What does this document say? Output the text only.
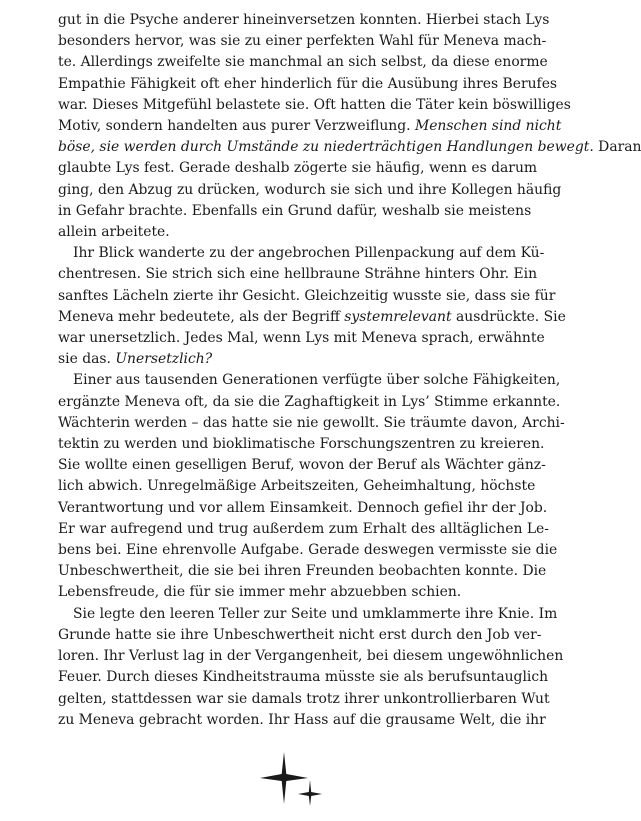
gut in die Psyche anderer hineinversetzen konnten. Hierbei stach Lys
besonders hervor, was sie zu einer perfekten Wahl für Meneva mach-
te. Allerdings zweifelte sie manchmal an sich selbst, da diese enorme
Empathie Fähigkeit oft eher hinderlich für die Ausübung ihres Berufes
war. Dieses Mitgefühl belastete sie. Oft hatten die Täter kein böswilliges
Motiv, sondern handelten aus purer Verzweiflung. Menschen sind nicht
böse, sie werden durch Umstände zu niederträchtigen Handlungen bewegt. Daran
glaubte Lys fest. Gerade deshalb zögerte sie häufig, wenn es darum
ging, den Abzug zu drücken, wodurch sie sich und ihre Kollegen häufig
in Gefahr brachte. Ebenfalls ein Grund dafür, weshalb sie meistens
allein arbeitete.
Ihr Blick wanderte zu der angebrochen Pillenpackung auf dem Kü-
chentresen. Sie strich sich eine hellbraune Strähne hinters Ohr. Ein
sanftes Lächeln zierte ihr Gesicht. Gleichzeitig wusste sie, dass sie für
Meneva mehr bedeutete, als der Begriff systemrelevant ausdrückte. Sie
war unersetzlich. Jedes Mal, wenn Lys mit Meneva sprach, erwähnte
sie das. Unersetzlich?
Einer aus tausenden Generationen verfügte über solche Fähigkeiten,
ergänzte Meneva oft, da sie die Zaghaftigkeit in Lys’ Stimme erkannte.
Wächterin werden – das hatte sie nie gewollt. Sie träumte davon, Archi-
tektin zu werden und bioklimatische Forschungszentren zu kreieren.
Sie wollte einen geselligen Beruf, wovon der Beruf als Wächter gänz-
lich abwich. Unregelmäßige Arbeitszeiten, Geheimhaltung, höchste
Verantwortung und vor allem Einsamkeit. Dennoch gefiel ihr der Job.
Er war aufregend und trug außerdem zum Erhalt des alltäglichen Le-
bens bei. Eine ehrenvolle Aufgabe. Gerade deswegen vermisste sie die
Unbeschwertheit, die sie bei ihren Freunden beobachten konnte. Die
Lebensfreude, die für sie immer mehr abzuebben schien.
Sie legte den leeren Teller zur Seite und umklammerte ihre Knie. Im
Grunde hatte sie ihre Unbeschwertheit nicht erst durch den Job ver-
loren. Ihr Verlust lag in der Vergangenheit, bei diesem ungewöhnlichen
Feuer. Durch dieses Kindheitstrauma müsste sie als berufsuntauglich
gelten, stattdessen war sie damals trotz ihrer unkontrollierbaren Wut
zu Meneva gebracht worden. Ihr Hass auf die grausame Welt, die ihr
